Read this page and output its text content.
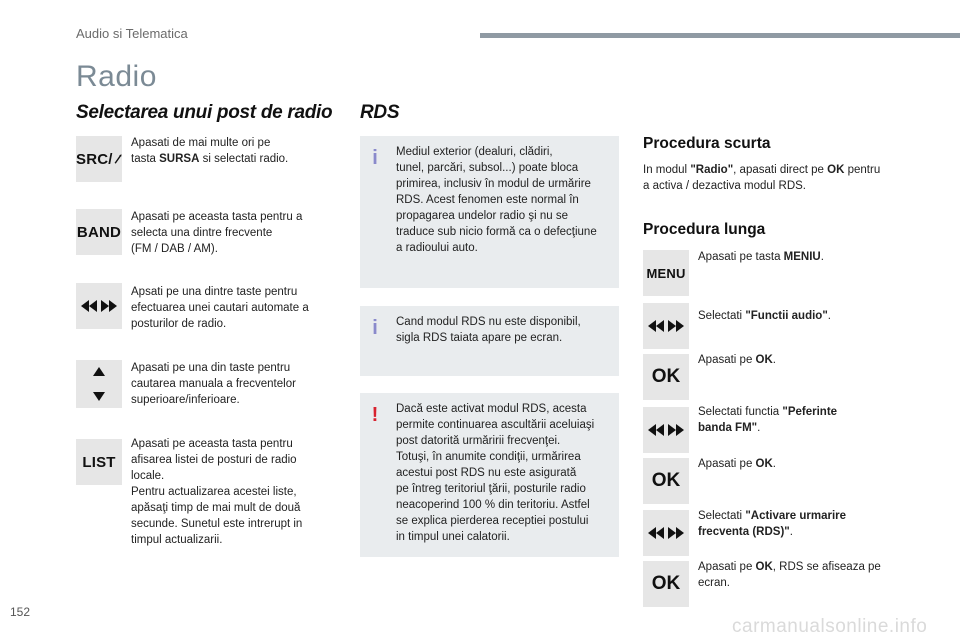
Audio si Telematica
Radio
Selectarea unui post de radio
SRC/
Apasati de mai multe ori pe
tasta SURSA si selectati radio.
BAND
Apasati pe aceasta tasta pentru a
selecta una dintre frecvente
(FM / DAB / AM).
Apsati pe una dintre taste pentru
efectuarea unei cautari automate a
posturilor de radio.
Apasati pe una din taste pentru
cautarea manuala a frecventelor
superioare/inferioare.
LIST
Apasati pe aceasta tasta pentru
afisarea listei de posturi de radio
locale.
Pentru actualizarea acestei liste,
apăsaţi timp de mai mult de două
secunde. Sunetul este intrerupt in
timpul actualizarii.
RDS
i Mediul exterior (dealuri, clădiri,
tunel, parcări, subsol...) poate bloca
primirea, inclusiv în modul de urmărire
RDS. Acest fenomen este normal în
propagarea undelor radio şi nu se
traduce sub nicio formă ca o defecţiune
a radioului auto.
i Cand modul RDS nu este disponibil,
sigla RDS taiata apare pe ecran.
! Dacă este activat modul RDS, acesta
permite continuarea ascultării aceluiaşi
post datorită urmăririi frecvenţei.
Totuşi, în anumite condiţii, urmărirea
acestui post RDS nu este asigurată
pe întreg teritoriul ţării, posturile radio
neacoperind 100 % din teritoriu. Astfel
se explica pierderea receptiei postului
in timpul unei calatorii.
Procedura scurta
In modul "Radio", apasati direct pe OK pentru
a activa / dezactiva modul RDS.
Procedura lunga
MENU
Apasati pe tasta MENIU.
Selectati "Functii audio".
OK
Apasati pe OK.
Selectati functia "Peferinte
banda FM".
OK
Apasati pe OK.
Selectati "Activare urmarire
frecventa (RDS)".
OK
Apasati pe OK, RDS se afiseaza pe
ecran.
152
carmanualsonline.info
